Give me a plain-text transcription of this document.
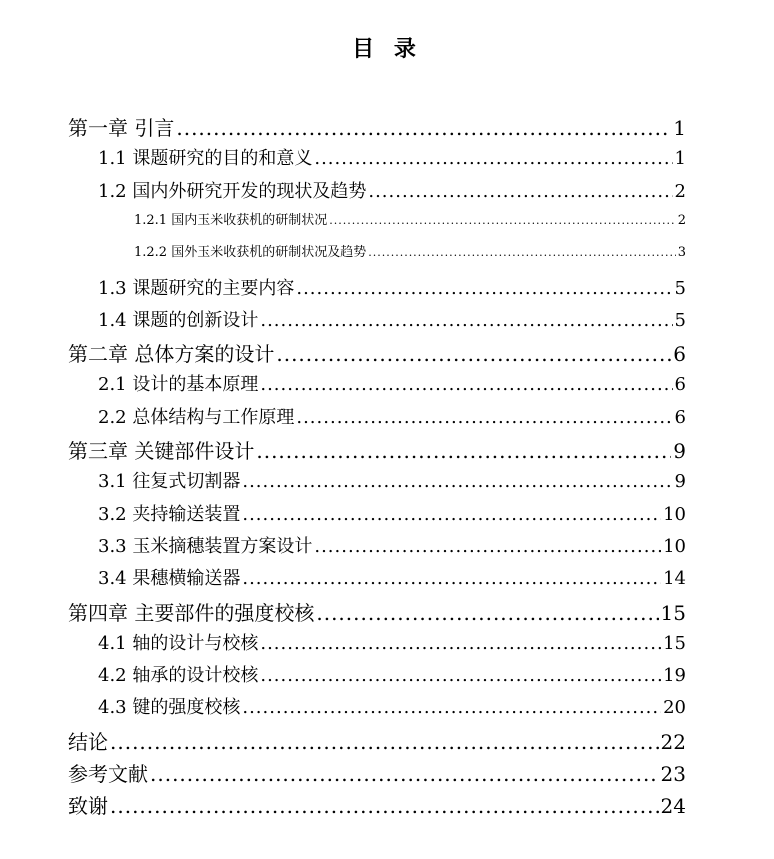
目 录
第一章 引言 .....	1
1.1 课题研究的目的和意义 .....	1
1.2 国内外研究开发的现状及趋势 .....	2
1.2.1 国内玉米收获机的研制状况 .....	2
1.2.2 国外玉米收获机的研制状况及趋势 .....	3
1.3 课题研究的主要内容 .....	5
1.4 课题的创新设计 .....	5
第二章 总体方案的设计 .....	6
2.1 设计的基本原理 .....	6
2.2 总体结构与工作原理 .....	6
第三章 关键部件设计 .....	9
3.1 往复式切割器 .....	9
3.2 夹持输送装置 .....	10
3.3 玉米摘穗装置方案设计 .....	10
3.4 果穗横输送器 .....	14
第四章 主要部件的强度校核 .....	15
4.1 轴的设计与校核 .....	15
4.2 轴承的设计校核 .....	19
4.3 键的强度校核 .....	20
结论 .....	22
参考文献 .....	23
致谢 .....	24
